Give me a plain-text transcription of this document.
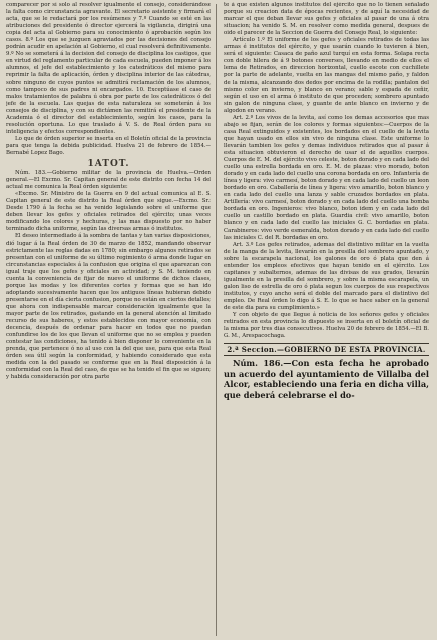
comparecer por sí solo al resolver igualmente el consejo, considerándose la falta como circunstancia agravante. El secretario asistente y firmará el acta, que se le redactará por los resúmenes y 7.º Cuando se esté en las atribuciones del presidente ó director ejercerá la vigilancia, dirigirá una copia del acta al Gobierno para su conocimiento ó aprobación según los casos. 8.º Los que se juzguen agraviados por las decisiones del consejo podrán acudir en apelación al Gobierno, el cual resolverá definitivamente. 9.º No se someterá á la decision del consejo de disciplina los castigos, que en virtud del reglamento particular de cada escuela, pueden imponer á los alumnos, el jefe del establecimiento y los catedráticos del mismo para reprimir la falta de aplicación, órden y disciplina interior de las cátedras, sobre ninguno de cuyos puntos se admitirá reclamación de los alumnos, como tampoco de sus padres ni encargados. 10. Exceptúase el caso de malos tratamientos de palabra ú obra por parte de los catedráticos ó del jefe de la escuela. Las quejas de esta naturaleza se someterán á los consejos de disciplina, y con su dictámen las remitirá el presidente de la Academia ó el director del establecimiento, según los casos, para la resolución oportuna. Lo que traslado á V. S. de Real órden para su inteligencia y efectos correspondientes.

Lo que de órden superior se inserta en el Boletín oficial de la provincia para que tenga la debida publicidad. Huelva 21 de febrero de 1854.—Bernabé Lopez Bago.

1ATOT.

Núm. 183.—Gobierno militar de la provincia de Huelva.—Orden general.—El Excmo. Sr. Capitan general de este distrito con fecha 14 del actual me comunica la Real órden siguiente:

«Excmo. Sr. Ministro de la Guerra en 9 del actual comunica al E. S. Capitan general de este distrito la Real órden que sigue.—Excmo. Sr.: Desde 1790 á la fecha se ha venido legislando sobre el uniforme que deben llevar los gefes y oficiales retirados del ejército; unas veces modificando los colores y hechuras, y las mas dispuesto por no haber terminado dicha uniforme, según las diversas armas ó institutos.

El deseo intermediado á la sombra de tantas y tan varias disposiciones, dió lugar á la Real órden de 30 de marzo de 1852, mandando observar estrictamente las reglas dadas en 1780; sin embargo algunos retirados se presentan con el uniforme de su último regimiento ó arma donde lugar en circunstancias especiales á la confusion que origina el que aparezcan con igual traje que los gefes y oficiales en actividad; y S. M. teniendo en cuenta la conveniencia de fijar de nuevo el uniforme de dichos clases, porque las modas y los diferentes cortes y formas que se han ido adoptando sucesivamente hacen que los antiguos líneas hubieran debido presentarse en el día cierta confusion, porque no están en ciertos detalles; que ahora con indispensable marcar consideración igualmente que la mayor parte de los retirados, gastando en la general atención al limitado recurso de sus haberes, y estos establecidos con mayor economía, con decencia, después de ordenar para hacer en todos que no puedan confundirse los de los que llevan el uniforme que no se emplea y pueden contestar las condiciones, ha tenido á bien disponer lo conveniente en la prenda, que pertenece ó no al uso con la del que use, para que esta Real órden sea útil según la conformidad, y habiendo considerado que esta medida con la del pasado se conforme que en la Real disposición á la conformidad con la Real del caso, de que se ha tenido el fin que se siguen; y habida consideración por otra parte

te á que existen algunos institutos del ejército que no lo tienen señalado porque su creacion data de épocas recientes, y de aquí la necesidad de marcar el que deban llevar sus gefes y oficiales al pasar de una á otra situacion; ha venido S. M. en resolver como medida general, despues de oido el parecer de la Seccion de Guerra del Consejo Real, lo siguiente:

Artículo 1.º El uniforme de los gefes y oficiales retirados de todas las armas é institutos del ejército, y que usarán cuando lo tuvieren á bien, será el siguiente: Casaca de paño azul turquí en esta forma. Solapa recta con doble hilera de á 9 botones converses, llevando en medio de ellos el lema de Retirados, en direccion horizontal, cuello escote con cuchillete por la parte de adelante, vuelta en las mangas del mismo paño, y faldon de la misma, alcanzando dos dedos por encima de la rodilla; pantalon del mismo color en invierno, y blanco en verano; sable y espada de ceñir, según el uso en el arma ó instituto de que proceden; sombrero apuntado sin galon de ninguna clase, y guante de ante blanco en invierno y de algodon en verano.

Art. 2.º Los vivos de la levita, así como los demas accesorios que mas abajo se fijan, serán de los colores y formas siguientes:—Cuerpos de la casa Real extinguidos y existentes, los bordados en el cuello de la levita que hayan usado en ellos sin vivo de ninguna clase. Este uniforme lo llevarán tambien los gefes y demas individuos retirados que al pasar á esta situacion obtuvieron el derecho de usar el de aquellos cuerpos. Cuerpos de E. M. del ejército vivo celeste, boton dorado y en cada lado del cuello una estrella bordada en oro. E. M. de plazas: vivo morado, boton dorado y en cada lado del cuello una corona bordada en oro. Infantería de línea y ligera: vivo carmesí, boton dorado y en cada lado del cuello un leon bordado en oro. Caballería de línea y ligera: vivo amarillo, boton blanco y en cada lado del cuello una lanza y sable cruzados bordados en plata. Artillería: vivo carmesí, boton dorado y en cada lado del cuello una bomba bordada en oro. Ingenieros: vivo blanco, boton idem y en cada lado del cuello un castillo bordado en plata. Guardia civil: vivo amarillo, boton blanco y en cada lado del cuello las iniciales G. C. bordadas en plata. Carabineros: vivo verde esmeralda, boton dorado y en cada lado del cuello las iniciales C. del R. bordadas en oro.

Art. 3.º Los gefes retirados, ademas del distintivo militar en la vuelta de la manga de la levita, llevarán en la presilla del sombrero apuntado, y sobre la escarapela nacional, los galones de oro ó plata que den á entender los empleos efectivos que hayan tenido en el ejército. Los capitanes y subalternos, ademas de las divisas de sus grados, llevarán igualmente en la presilla del sombrero, y sobre la misma escarapela, un galon liso de estrella de oro ó plata segun los cuerpos de sus respectivos institutos, y cuyo ancho será el doble del marcado para el distintivo del empleo. De Real órden lo digo á S. E. lo que se hace saber en la general de este dia para su cumplimiento.»

Y con objeto de que llegue á noticia de los señores gefes y oficiales retirados en esta provincia lo dispuesto se inserta en el boletín oficial de la misma por tres dias consecutivos. Huelva 20 de febrero de 1854.—El B. G. M., Arespacochaga.

2.ª Seccion.—GOBIERNO DE ESTA PROVINCIA.

Núm. 186.—Con esta fecha he aprobado un acuerdo del ayuntamiento de Villalba del Alcor, estableciendo una feria en dicha villa, que deberá celebrarse el do-
